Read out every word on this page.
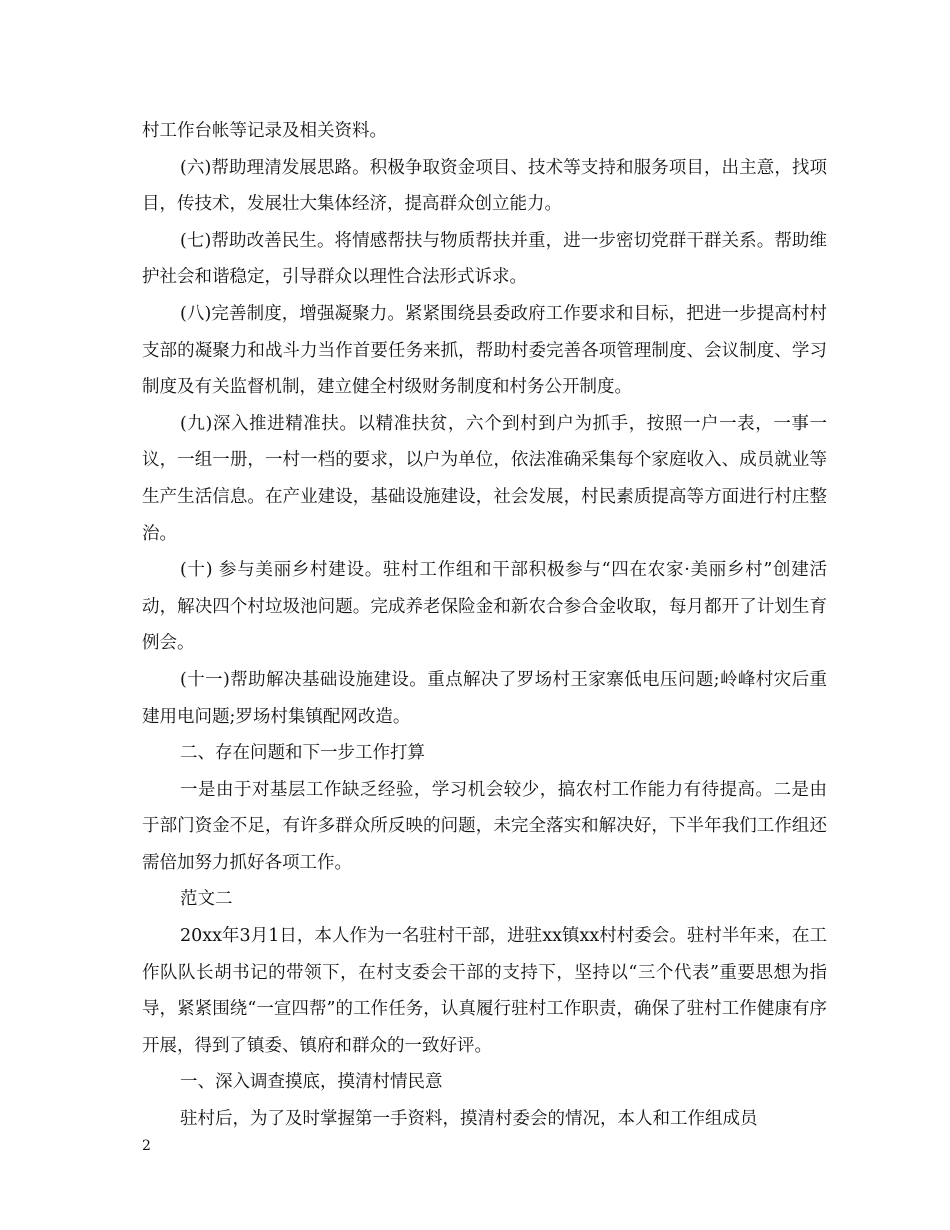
村工作台帐等记录及相关资料。

(六)帮助理清发展思路。积极争取资金项目、技术等支持和服务项目，出主意，找项目，传技术，发展壮大集体经济，提高群众创立能力。

(七)帮助改善民生。将情感帮扶与物质帮扶并重，进一步密切党群干群关系。帮助维护社会和谐稳定，引导群众以理性合法形式诉求。

(八)完善制度，增强凝聚力。紧紧围绕县委政府工作要求和目标，把进一步提高村村支部的凝聚力和战斗力当作首要任务来抓，帮助村委完善各项管理制度、会议制度、学习制度及有关监督机制，建立健全村级财务制度和村务公开制度。

(九)深入推进精准扶。以精准扶贫，六个到村到户为抓手，按照一户一表，一事一议，一组一册，一村一档的要求，以户为单位，依法准确采集每个家庭收入、成员就业等生产生活信息。在产业建设，基础设施建设，社会发展，村民素质提高等方面进行村庄整治。

(十) 参与美丽乡村建设。驻村工作组和干部积极参与“四在农家·美丽乡村”创建活动，解决四个村垃圾池问题。完成养老保险金和新农合参合金收取，每月都开了计划生育例会。

(十一)帮助解决基础设施建设。重点解决了罗场村王家寨低电压问题;岭峰村灾后重建用电问题;罗场村集镇配网改造。

二、存在问题和下一步工作打算

一是由于对基层工作缺乏经验，学习机会较少，搞农村工作能力有待提高。二是由于部门资金不足，有许多群众所反映的问题，未完全落实和解决好，下半年我们工作组还需倍加努力抓好各项工作。

范文二

20xx年3月1日，本人作为一名驻村干部，进驻xx镇xx村村委会。驻村半年来，在工作队队长胡书记的带领下，在村支委会干部的支持下，坚持以“三个代表”重要思想为指导，紧紧围绕“一宣四帮”的工作任务，认真履行驻村工作职责，确保了驻村工作健康有序开展，得到了镇委、镇府和群众的一致好评。

一、深入调查摸底，摸清村情民意

驻村后，为了及时掌握第一手资料，摸清村委会的情况，本人和工作组成员

2
